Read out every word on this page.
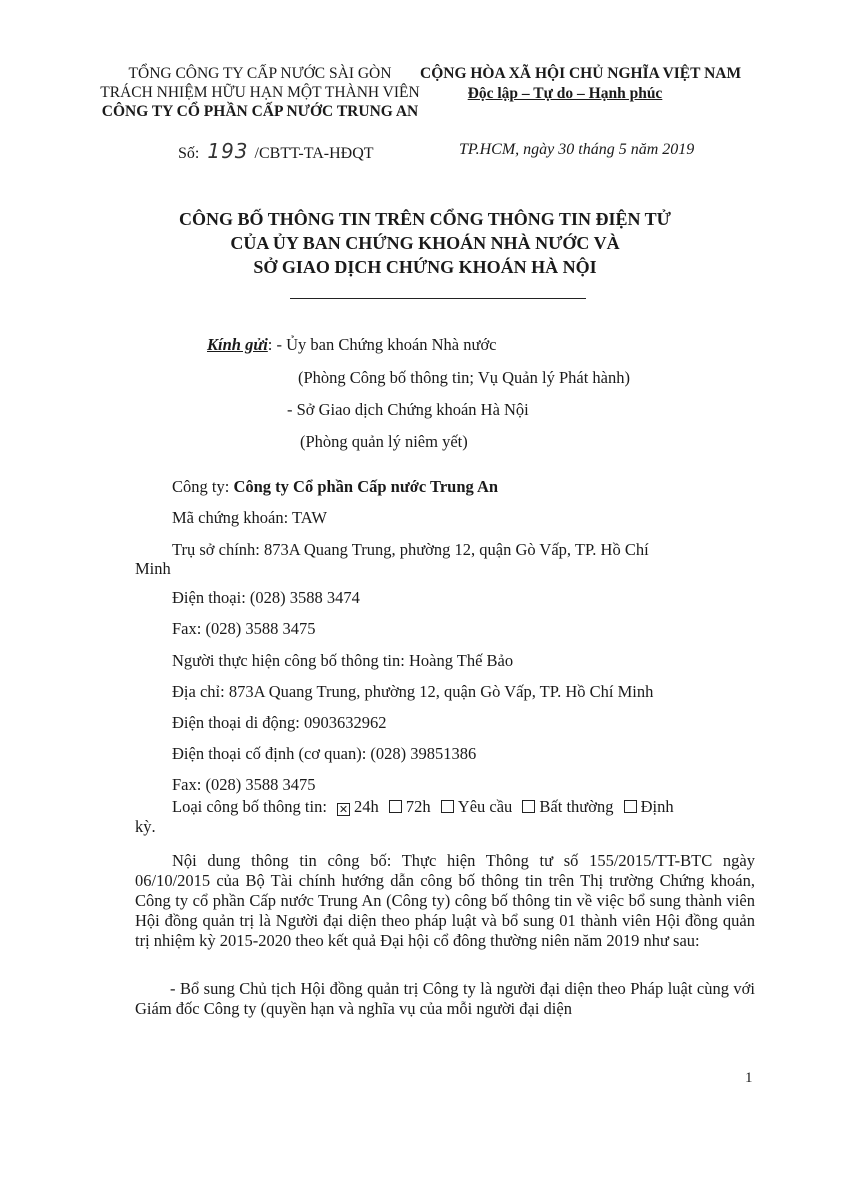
TỔNG CÔNG TY CẤP NƯỚC SÀI GÒN
TRÁCH NHIỆM HỮU HẠN MỘT THÀNH VIÊN
CÔNG TY CỔ PHẦN CẤP NƯỚC TRUNG AN
CỘNG HÒA XÃ HỘI CHỦ NGHĨA VIỆT NAM
Độc lập – Tự do – Hạnh phúc
Số: 193 /CBTT-TA-HĐQT	TP.HCM, ngày 30 tháng 5 năm 2019
CÔNG BỐ THÔNG TIN TRÊN CỔNG THÔNG TIN ĐIỆN TỬ
CỦA ỦY BAN CHỨNG KHOÁN NHÀ NƯỚC VÀ
SỞ GIAO DỊCH CHỨNG KHOÁN HÀ NỘI
Kính gửi: - Ủy ban Chứng khoán Nhà nước
(Phòng Công bố thông tin; Vụ Quản lý Phát hành)
- Sở Giao dịch Chứng khoán Hà Nội
(Phòng quản lý niêm yết)
Công ty: Công ty Cổ phần Cấp nước Trung An
Mã chứng khoán: TAW
Trụ sở chính: 873A Quang Trung, phường 12, quận Gò Vấp, TP. Hồ Chí
Minh
Điện thoại: (028) 3588 3474
Fax: (028) 3588 3475
Người thực hiện công bố thông tin: Hoàng Thế Bảo
Địa chỉ: 873A Quang Trung, phường 12, quận Gò Vấp, TP. Hồ Chí Minh
Điện thoại di động: 0903632962
Điện thoại cố định (cơ quan): (028) 39851386
Fax: (028) 3588 3475
Loại công bố thông tin: ✕ 24h 72h Yêu cầu Bất thường Định
kỳ.
Nội dung thông tin công bố: Thực hiện Thông tư số 155/2015/TT-BTC ngày 06/10/2015 của Bộ Tài chính hướng dẫn công bố thông tin trên Thị trường Chứng khoán, Công ty cổ phần Cấp nước Trung An (Công ty) công bố thông tin về việc bổ sung thành viên Hội đồng quản trị là Người đại diện theo pháp luật và bổ sung 01 thành viên Hội đồng quản trị nhiệm kỳ 2015-2020 theo kết quả Đại hội cổ đông thường niên năm 2019 như sau:
- Bổ sung Chủ tịch Hội đồng quản trị Công ty là người đại diện theo Pháp luật cùng với Giám đốc Công ty (quyền hạn và nghĩa vụ của mỗi người đại diện
1
